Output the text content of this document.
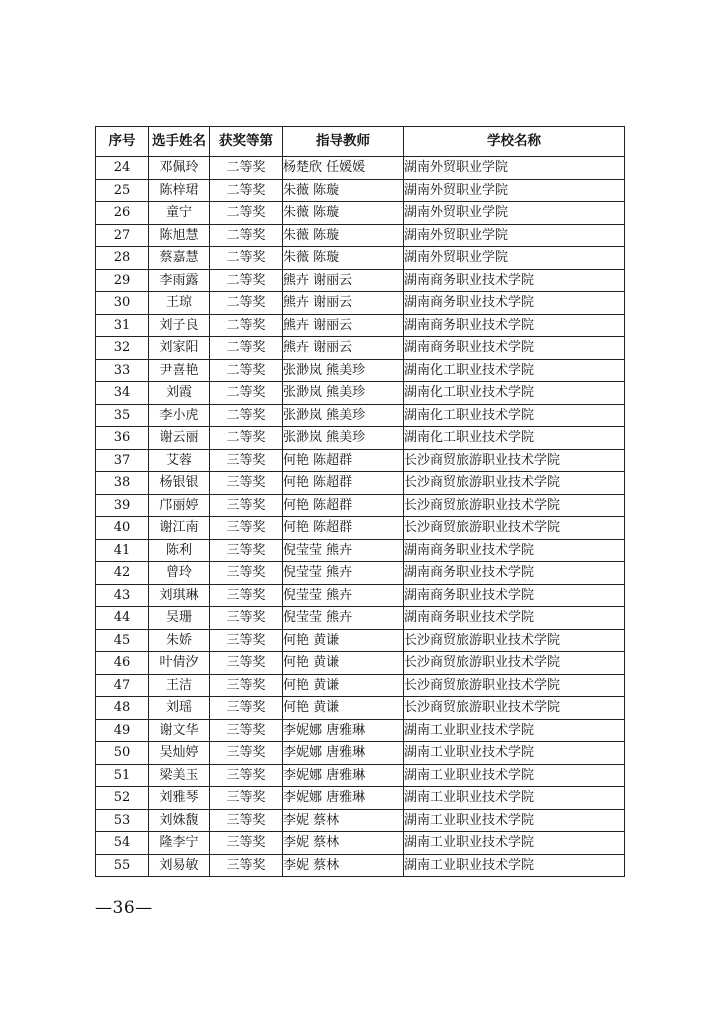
序号	选手姓名	获奖等第	指导教师	学校名称
24	邓佩玲	二等奖	杨楚欣 任媛媛	湖南外贸职业学院
25	陈梓珺	二等奖	朱薇 陈璇	湖南外贸职业学院
26	童宁	二等奖	朱薇 陈璇	湖南外贸职业学院
27	陈旭慧	二等奖	朱薇 陈璇	湖南外贸职业学院
28	蔡嘉慧	二等奖	朱薇 陈璇	湖南外贸职业学院
29	李雨露	二等奖	熊卉 谢丽云	湖南商务职业技术学院
30	王琼	二等奖	熊卉 谢丽云	湖南商务职业技术学院
31	刘子良	二等奖	熊卉 谢丽云	湖南商务职业技术学院
32	刘家阳	二等奖	熊卉 谢丽云	湖南商务职业技术学院
33	尹喜艳	二等奖	张渺岚 熊美珍	湖南化工职业技术学院
34	刘霞	二等奖	张渺岚 熊美珍	湖南化工职业技术学院
35	李小虎	二等奖	张渺岚 熊美珍	湖南化工职业技术学院
36	谢云丽	二等奖	张渺岚 熊美珍	湖南化工职业技术学院
37	艾蓉	三等奖	何艳 陈超群	长沙商贸旅游职业技术学院
38	杨银银	三等奖	何艳 陈超群	长沙商贸旅游职业技术学院
39	邝丽婷	三等奖	何艳 陈超群	长沙商贸旅游职业技术学院
40	谢江南	三等奖	何艳 陈超群	长沙商贸旅游职业技术学院
41	陈利	三等奖	倪莹莹 熊卉	湖南商务职业技术学院
42	曾玲	三等奖	倪莹莹 熊卉	湖南商务职业技术学院
43	刘琪琳	三等奖	倪莹莹 熊卉	湖南商务职业技术学院
44	吴珊	三等奖	倪莹莹 熊卉	湖南商务职业技术学院
45	朱娇	三等奖	何艳 黄谦	长沙商贸旅游职业技术学院
46	叶倩汐	三等奖	何艳 黄谦	长沙商贸旅游职业技术学院
47	王洁	三等奖	何艳 黄谦	长沙商贸旅游职业技术学院
48	刘瑶	三等奖	何艳 黄谦	长沙商贸旅游职业技术学院
49	谢文华	三等奖	李妮娜 唐雅琳	湖南工业职业技术学院
50	吴灿婷	三等奖	李妮娜 唐雅琳	湖南工业职业技术学院
51	梁美玉	三等奖	李妮娜 唐雅琳	湖南工业职业技术学院
52	刘雅琴	三等奖	李妮娜 唐雅琳	湖南工业职业技术学院
53	刘姝馥	三等奖	李妮 蔡林	湖南工业职业技术学院
54	隆李宁	三等奖	李妮 蔡林	湖南工业职业技术学院
55	刘易敏	三等奖	李妮 蔡林	湖南工业职业技术学院
—36—
